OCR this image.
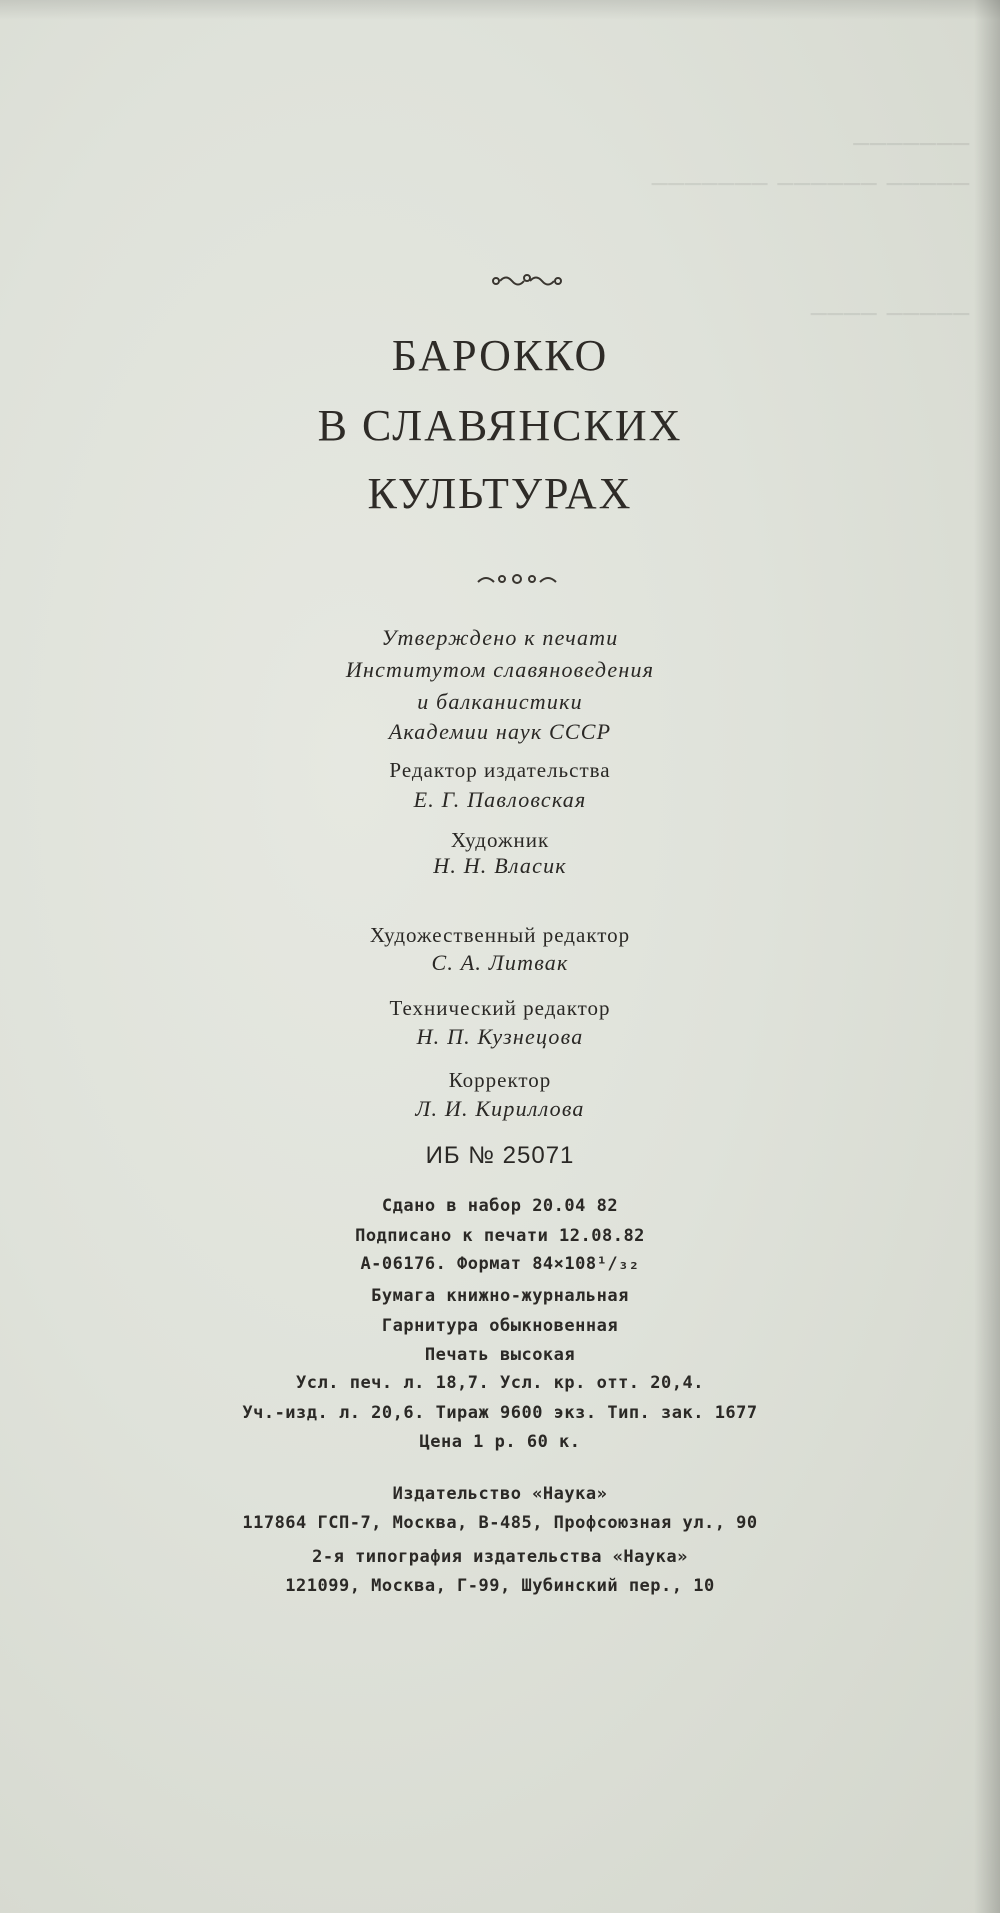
───────
─────── ────── ─────
──── ─────
БАРОККО
В СЛАВЯНСКИХ
КУЛЬТУРАХ
Утверждено к печати
Институтом славяноведения
и балканистики
Академии наук СССР
Редактор издательства
Е. Г. Павловская
Художник
Н. Н. Власик
Художественный редактор
С. А. Литвак
Технический редактор
Н. П. Кузнецова
Корректор
Л. И. Кириллова
ИБ № 25071
Сдано в набор 20.04 82
Подписано к печати 12.08.82
А-06176. Формат 84×108¹/₃₂
Бумага книжно-журнальная
Гарнитура обыкновенная
Печать высокая
Усл. печ. л. 18,7. Усл. кр. отт. 20,4.
Уч.-изд. л. 20,6. Тираж 9600 экз. Тип. зак. 1677
Цена 1 р. 60 к.
Издательство «Наука»
117864 ГСП-7, Москва, В-485, Профсоюзная ул., 90
2-я типография издательства «Наука»
121099, Москва, Г-99, Шубинский пер., 10
